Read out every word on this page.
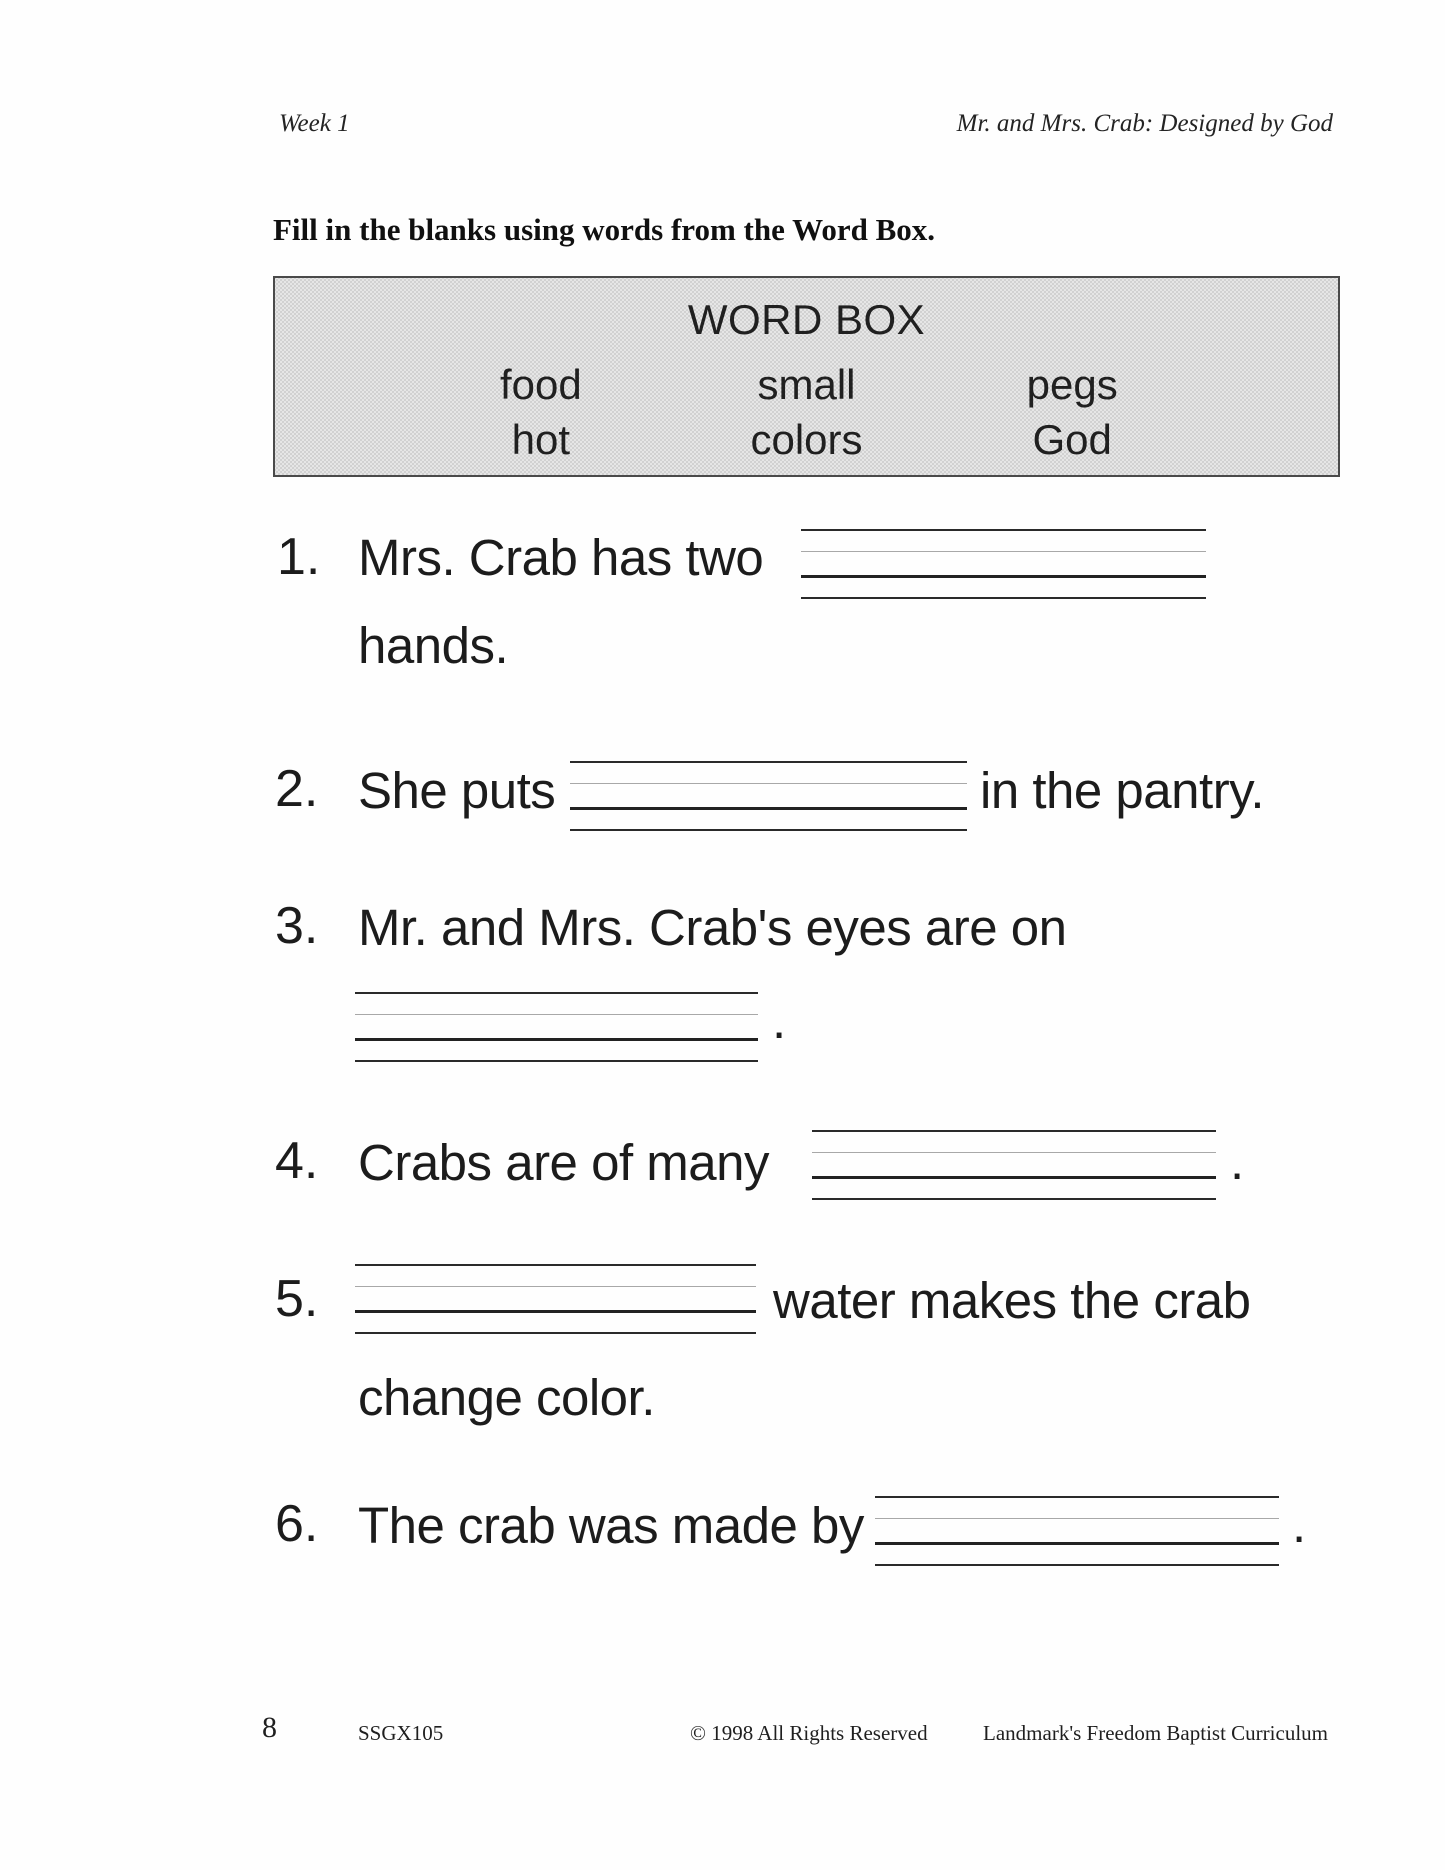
Week 1	Mr. and Mrs. Crab: Designed by God
Fill in the blanks using words from the Word Box.
WORD BOX
food	small	pegs
hot	colors	God
1. Mrs. Crab has two
hands.
2. She puts	in the pantry.
3. Mr. and Mrs. Crab's eyes are on
.
4. Crabs are of many	.
5.	water makes the crab
change color.
6. The crab was made by	.
8	SSGX105	© 1998 All Rights Reserved	Landmark's Freedom Baptist Curriculum
